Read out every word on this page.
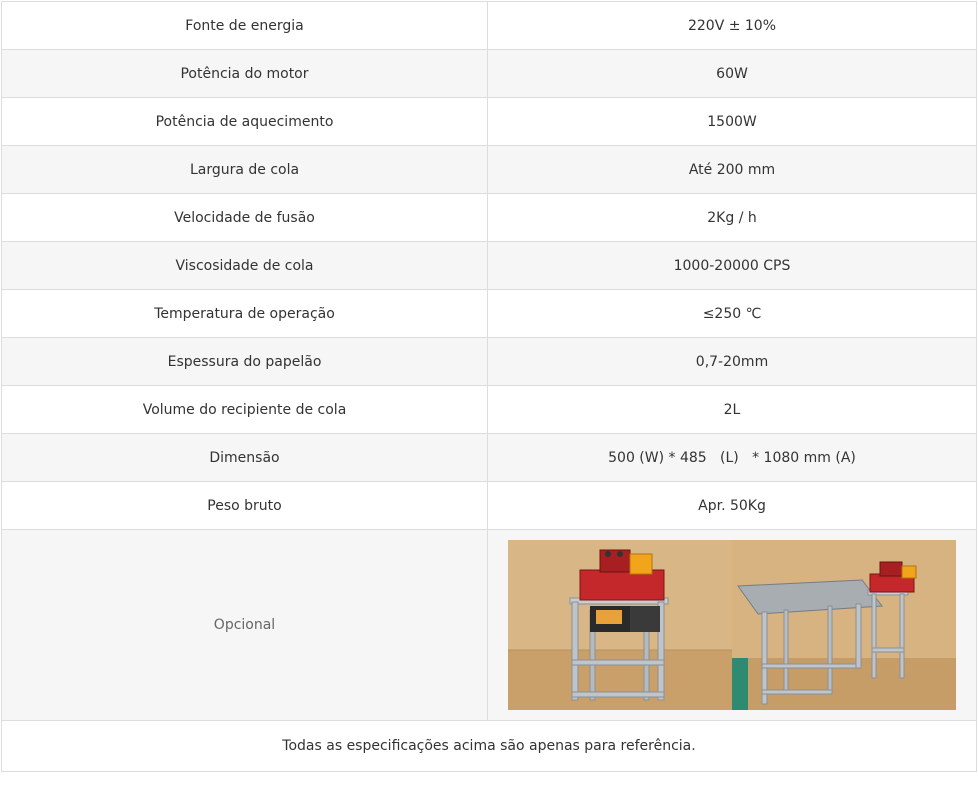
Fonte de energia	220V ± 10%
Potência do motor	60W
Potência de aquecimento	1500W
Largura de cola	Até 200 mm
Velocidade de fusão	2Kg / h
Viscosidade de cola	1000-20000 CPS
Temperatura de operação	≤250 ℃
Espessura do papelão	0,7-20mm
Volume do recipiente de cola	2L
Dimensão	500 (W) * 485   (L)   * 1080 mm (A)
Peso bruto	Apr. 50Kg
Opcional	

Todas as especificações acima são apenas para referência.	
